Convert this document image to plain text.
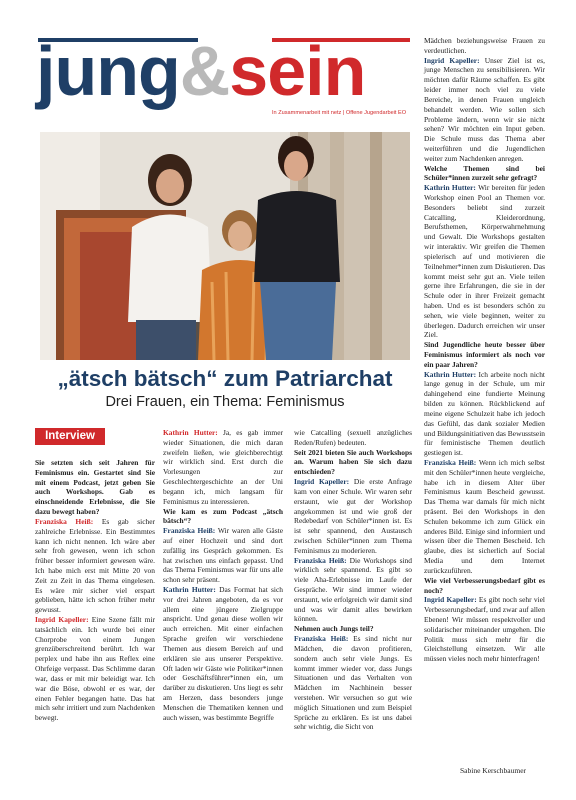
jung&sein
In Zusammenarbeit mit netz | Offene Jugendarbeit EO

Mädchen beziehungsweise Frauen zu verdeutlichen.

Ingrid Kapeller: Unser Ziel ist es, junge Menschen zu sensibilisieren. Wir möchten dafür Räume schaffen. Es gibt leider immer noch viel zu viele Bereiche, in denen Frauen ungleich behandelt werden. Wie sollen sich Probleme ändern, wenn wir sie nicht sehen? Wir möchten ein Input geben. Die Schule muss das Thema aber weiterführen und die Jugendlichen weiter zum Nachdenken anregen.

Welche Themen sind bei Schüler*innen zurzeit sehr gefragt?

Kathrin Hutter: Wir bereiten für jeden Workshop einen Pool an Themen vor. Besonders beliebt sind zurzeit Catcalling, Kleiderordnung, Berufsthemen, Körperwahrnehmung und Gewalt. Die Workshops gestalten wir interaktiv. Wir greifen die Themen spielerisch auf und motivieren die Teilnehmer*innen zum Diskutieren. Das kommt meist sehr gut an. Viele teilen gerne ihre Erfahrungen, die sie in der Schule oder in ihrer Freizeit gemacht haben. Und es ist besonders schön zu sehen, wie viele beginnen, weiter zu überlegen. Dadurch erreichen wir unser Ziel.

Sind Jugendliche heute besser über Feminismus informiert als noch vor ein paar Jahren?

Kathrin Hutter: Ich arbeite noch nicht lange genug in der Schule, um mir dahingehend eine fundierte Meinung bilden zu können. Rückblickend auf meine eigene Schulzeit habe ich jedoch das Gefühl, das dank sozialer Medien und Bildungsinitiativen das Bewusstsein für feministische Themen deutlich gestiegen ist.

Franziska Heiß: Wenn ich mich selbst mit den Schüler*innen heute vergleiche, habe ich in diesem Alter über Feminismus kaum Bescheid gewusst. Das Thema war damals für mich nicht präsent. Bei den Workshops in den Schulen bekomme ich zum Glück ein anderes Bild. Einige sind informiert und wissen über die Themen Bescheid. Ich glaube, dies ist sicherlich auf Social Media und dem Internet zurückzuführen.

Wie viel Verbesserungsbedarf gibt es noch?

Ingrid Kapeller: Es gibt noch sehr viel Verbesserungsbedarf, und zwar auf allen Ebenen! Wir müssen respektvoller und solidarischer miteinander umgehen. Die Politik muss sich mehr für die Gleichstellung einsetzen. Wir alle müssen vieles noch mehr hinterfragen!

„ätsch bätsch“ zum Patriarchat
Drei Frauen, ein Thema: Feminismus
Interview

Sie setzten sich seit Jahren für Feminismus ein. Gestartet sind Sie mit einem Podcast, jetzt geben Sie auch Workshops. Gab es einschneidende Erlebnisse, die Sie dazu bewegt haben?

Franziska Heiß: Es gab sicher zahlreiche Erlebnisse. Ein Bestimmtes kann ich nicht nennen. Ich wäre aber sehr froh gewesen, wenn ich schon früher besser informiert gewesen wäre. Ich habe mich erst mit Mitte 20 von Zeit zu Zeit in das Thema eingelesen. Es wäre mir sicher viel erspart geblieben, hätte ich schon früher mehr gewusst.

Ingrid Kapeller: Eine Szene fällt mir tatsächlich ein. Ich wurde bei einer Chorprobe von einem Jungen grenzüberschreitend berührt. Ich war perplex und habe ihn aus Reflex eine Ohrfeige verpasst. Das Schlimme daran war, dass er mit mir beleidigt war. Ich war die Böse, obwohl er es war, der einen Fehler begangen hatte. Das hat mich sehr irritiert und zum Nachdenken bewegt.

Kathrin Hutter: Ja, es gab immer wieder Situationen, die mich daran zweifeln ließen, wie gleichberechtigt wir wirklich sind. Erst durch die Vorlesungen zur Geschlechtergeschichte an der Uni begann ich, mich langsam für Feminismus zu interessieren.

Wie kam es zum Podcast „ätsch bätsch“?

Franziska Heiß: Wir waren alle Gäste auf einer Hochzeit und sind dort zufällig ins Gespräch gekommen. Es hat zwischen uns einfach gepasst. Und das Thema Feminismus war für uns alle schon sehr präsent.

Kathrin Hutter: Das Format hat sich vor drei Jahren angeboten, da es vor allem eine jüngere Zielgruppe anspricht. Und genau diese wollen wir auch erreichen. Mit einer einfachen Sprache greifen wir verschiedene Themen aus diesem Bereich auf und erklären sie aus unserer Perspektive. Oft laden wir Gäste wie Politiker*innen oder Geschäftsführer*innen ein, um darüber zu diskutieren. Uns liegt es sehr am Herzen, dass besonders junge Menschen die Thematiken kennen und auch wissen, was bestimmte Begriffe

wie Catcalling (sexuell anzügliches Reden/Rufen) bedeuten.

Seit 2021 bieten Sie auch Workshops an. Warum haben Sie sich dazu entschieden?

Ingrid Kapeller: Die erste Anfrage kam von einer Schule. Wir waren sehr erstaunt, wie gut der Workshop angekommen ist und wie groß der Redebedarf von Schüler*innen ist. Es ist sehr spannend, den Austausch zwischen Schüler*innen zum Thema Feminismus zu moderieren.

Franziska Heiß: Die Workshops sind wirklich sehr spannend. Es gibt so viele Aha-Erlebnisse im Laufe der Gespräche. Wir sind immer wieder erstaunt, wie erfolgreich wir damit sind und was wir damit alles bewirken können.

Nehmen auch Jungs teil?

Franziska Heiß: Es sind nicht nur Mädchen, die davon profitieren, sondern auch sehr viele Jungs. Es kommt immer wieder vor, dass Jungs Situationen und das Verhalten von Mädchen im Nachhinein besser verstehen. Wir versuchen so gut wie möglich Situationen und zum Beispiel Sprüche zu erklären. Es ist uns dabei sehr wichtig, die Sicht von

Sabine Kerschbaumer
